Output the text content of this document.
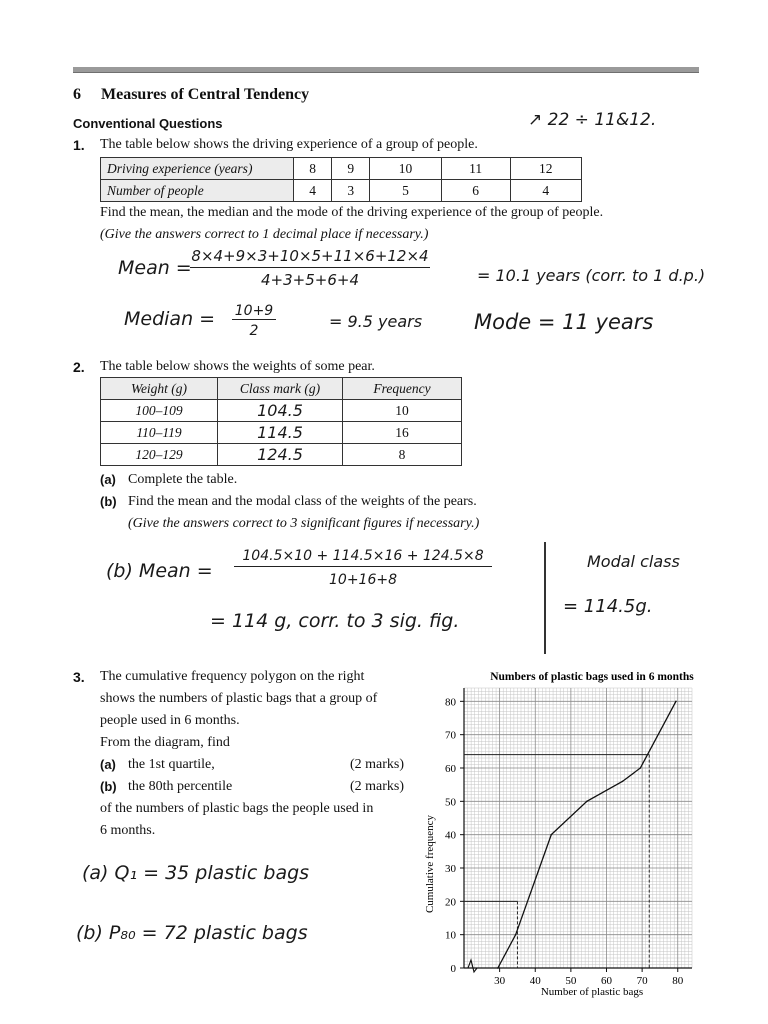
6 Measures of Central Tendency
Conventional Questions
1. The table below shows the driving experience of a group of people.
↗ 22 ÷ 11&12.
Driving experience (years)	8	9	10	11	12
Number of people	4	3	5	6	4
Find the mean, the median and the mode of the driving experience of the group of people.
(Give the answers correct to 1 decimal place if necessary.)
Mean =
8×4+9×3+10×5+11×6+12×4
4+3+5+6+4	= 10.1 years (corr. to 1 d.p.)
Median = 10+9
2	= 9.5 years Mode = 11 years
2. The table below shows the weights of some pear.
Weight (g)	Class mark (g)	Frequency
100–109	104.5	10
110–119	114.5	16
120–129	124.5	8
(a) Complete the table.
(b) Find the mean and the modal class of the weights of the pears.
(Give the answers correct to 3 significant figures if necessary.)
(b) Mean =
104.5×10 + 114.5×16 + 124.5×8
10+16+8
= 114 g, corr. to 3 sig. fig.
Modal class
= 114.5g.
3. The cumulative frequency polygon on the right
shows the numbers of plastic bags that a group of
people used in 6 months.
From the diagram, find
(a) the 1st quartile,	(2 marks)
(b) the 80th percentile	(2 marks)
of the numbers of plastic bags the people used in
6 months.
(a) Q₁ = 35 plastic bags
(b) P₈₀ = 72 plastic bags
Numbers of plastic bags used in 6 months
0
10
20
30
40
50
60
70
80
30 40 50 60 70 80
Number of plastic bags
Cumulative frequency
